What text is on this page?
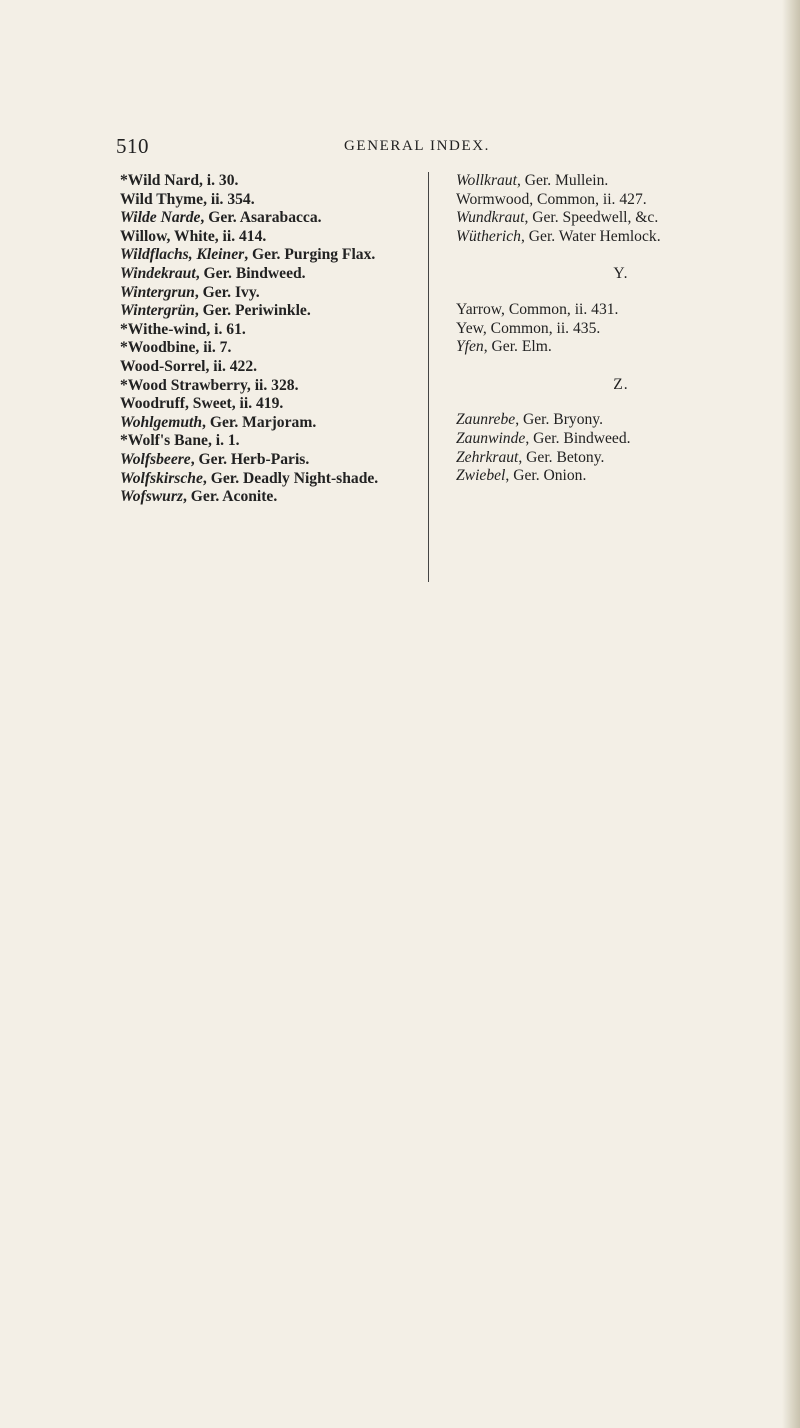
510	GENERAL INDEX.

*Wild Nard, i. 30.

Wild Thyme, ii. 354.

Wilde Narde, Ger. Asarabacca.

Willow, White, ii. 414.

Wildflachs, Kleiner, Ger. Purging Flax.

Windekraut, Ger. Bindweed.

Wintergrun, Ger. Ivy.

Wintergrün, Ger. Periwinkle.

*Withe-wind, i. 61.

*Woodbine, ii. 7.

Wood-Sorrel, ii. 422.

*Wood Strawberry, ii. 328.

Woodruff, Sweet, ii. 419.

Wohlgemuth, Ger. Marjoram.

*Wolf's Bane, i. 1.

Wolfsbeere, Ger. Herb-Paris.

Wolfskirsche, Ger. Deadly Night-shade.

Wofswurz, Ger. Aconite.

Wollkraut, Ger. Mullein.

Wormwood, Common, ii. 427.

Wundkraut, Ger. Speedwell, &c.

Wütherich, Ger. Water Hemlock.

Y.

Yarrow, Common, ii. 431.

Yew, Common, ii. 435.

Yfen, Ger. Elm.

Z.

Zaunrebe, Ger. Bryony.

Zaunwinde, Ger. Bindweed.

Zehrkraut, Ger. Betony.

Zwiebel, Ger. Onion.
